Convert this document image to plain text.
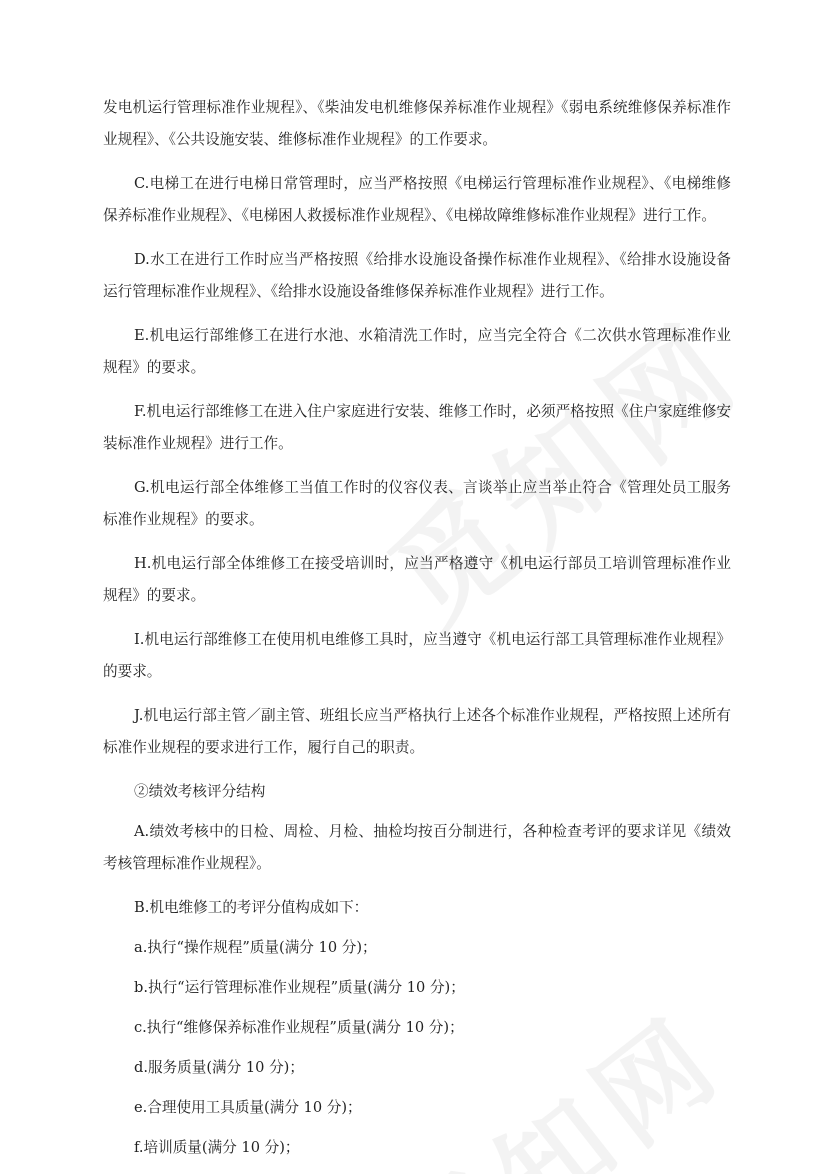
发电机运行管理标准作业规程》、《柴油发电机维修保养标准作业规程》《弱电系统维修保养标准作业规程》、《公共设施安装、维修标准作业规程》的工作要求。

C.电梯工在进行电梯日常管理时，应当严格按照《电梯运行管理标准作业规程》、《电梯维修保养标准作业规程》、《电梯困人救援标准作业规程》、《电梯故障维修标准作业规程》进行工作。

D.水工在进行工作时应当严格按照《给排水设施设备操作标准作业规程》、《给排水设施设备运行管理标准作业规程》、《给排水设施设备维修保养标准作业规程》进行工作。

E.机电运行部维修工在进行水池、水箱清洗工作时，应当完全符合《二次供水管理标准作业规程》的要求。

F.机电运行部维修工在进入住户家庭进行安装、维修工作时，必须严格按照《住户家庭维修安装标准作业规程》进行工作。

G.机电运行部全体维修工当值工作时的仪容仪表、言谈举止应当举止符合《管理处员工服务标准作业规程》的要求。

H.机电运行部全体维修工在接受培训时，应当严格遵守《机电运行部员工培训管理标准作业规程》的要求。

I.机电运行部维修工在使用机电维修工具时，应当遵守《机电运行部工具管理标准作业规程》的要求。

J.机电运行部主管／副主管、班组长应当严格执行上述各个标准作业规程，严格按照上述所有标准作业规程的要求进行工作，履行自己的职责。

②绩效考核评分结构

A.绩效考核中的日检、周检、月检、抽检均按百分制进行，各种检查考评的要求详见《绩效考核管理标准作业规程》。

B.机电维修工的考评分值构成如下：

a.执行“操作规程”质量(满分 10 分)；

b.执行“运行管理标准作业规程”质量(满分 10 分)；

c.执行“维修保养标准作业规程”质量(满分 10 分)；

d.服务质量(满分 10 分)；

e.合理使用工具质量(满分 10 分)；

f.培训质量(满分 10 分)；
